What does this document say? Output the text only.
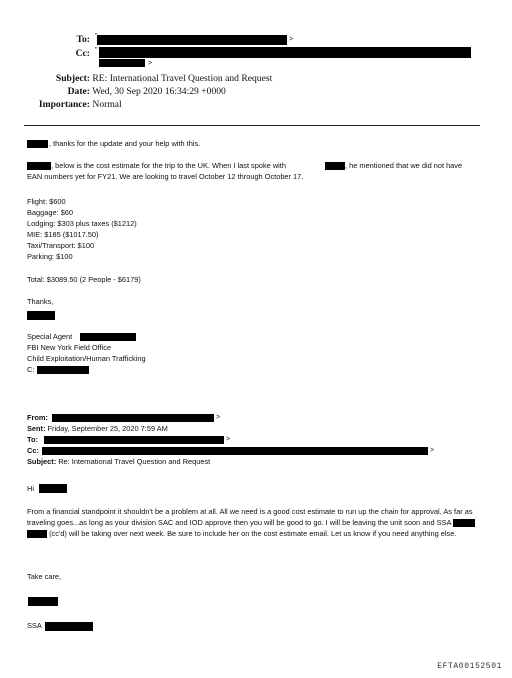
To:	>
"
Cc: "
>
Subject: RE: International Travel Question and Request
Date: Wed, 30 Sep 2020 16:34:29 +0000
Importance: Normal
, thanks for the update and your help with this.
, below is the cost estimate for the trip to the UK. When I last spoke with	, he mentioned that we did not have
EAN numbers yet for FY21. We are looking to travel October 12 through October 17.
Flight: $600
Baggage: $60
Lodging: $303 plus taxes ($1212)
MIE: $185 ($1017.50)
Taxi/Transport: $100
Parking: $100
Total: $3089.50 (2 People - $6179)
Thanks,
Special Agent
FBI New York Field Office
Child Exploitation/Human Trafficking
C:
From:	>
Sent: Friday, September 25, 2020 7:59 AM
To:	>
Cc:	>
Subject: Re: International Travel Question and Request
Hi
From a financial standpoint it shouldn't be a problem at all. All we need is a good cost estimate to run up the chain for approval. As far as traveling goes...as long as your division SAC and IOD approve then you will be good to go. I will be leaving the unit soon and SSA   (cc'd) will be taking over next week. Be sure to include her on the cost estimate email. Let us know if you need anything else.
Take care,
SSA
EFTA00152501
